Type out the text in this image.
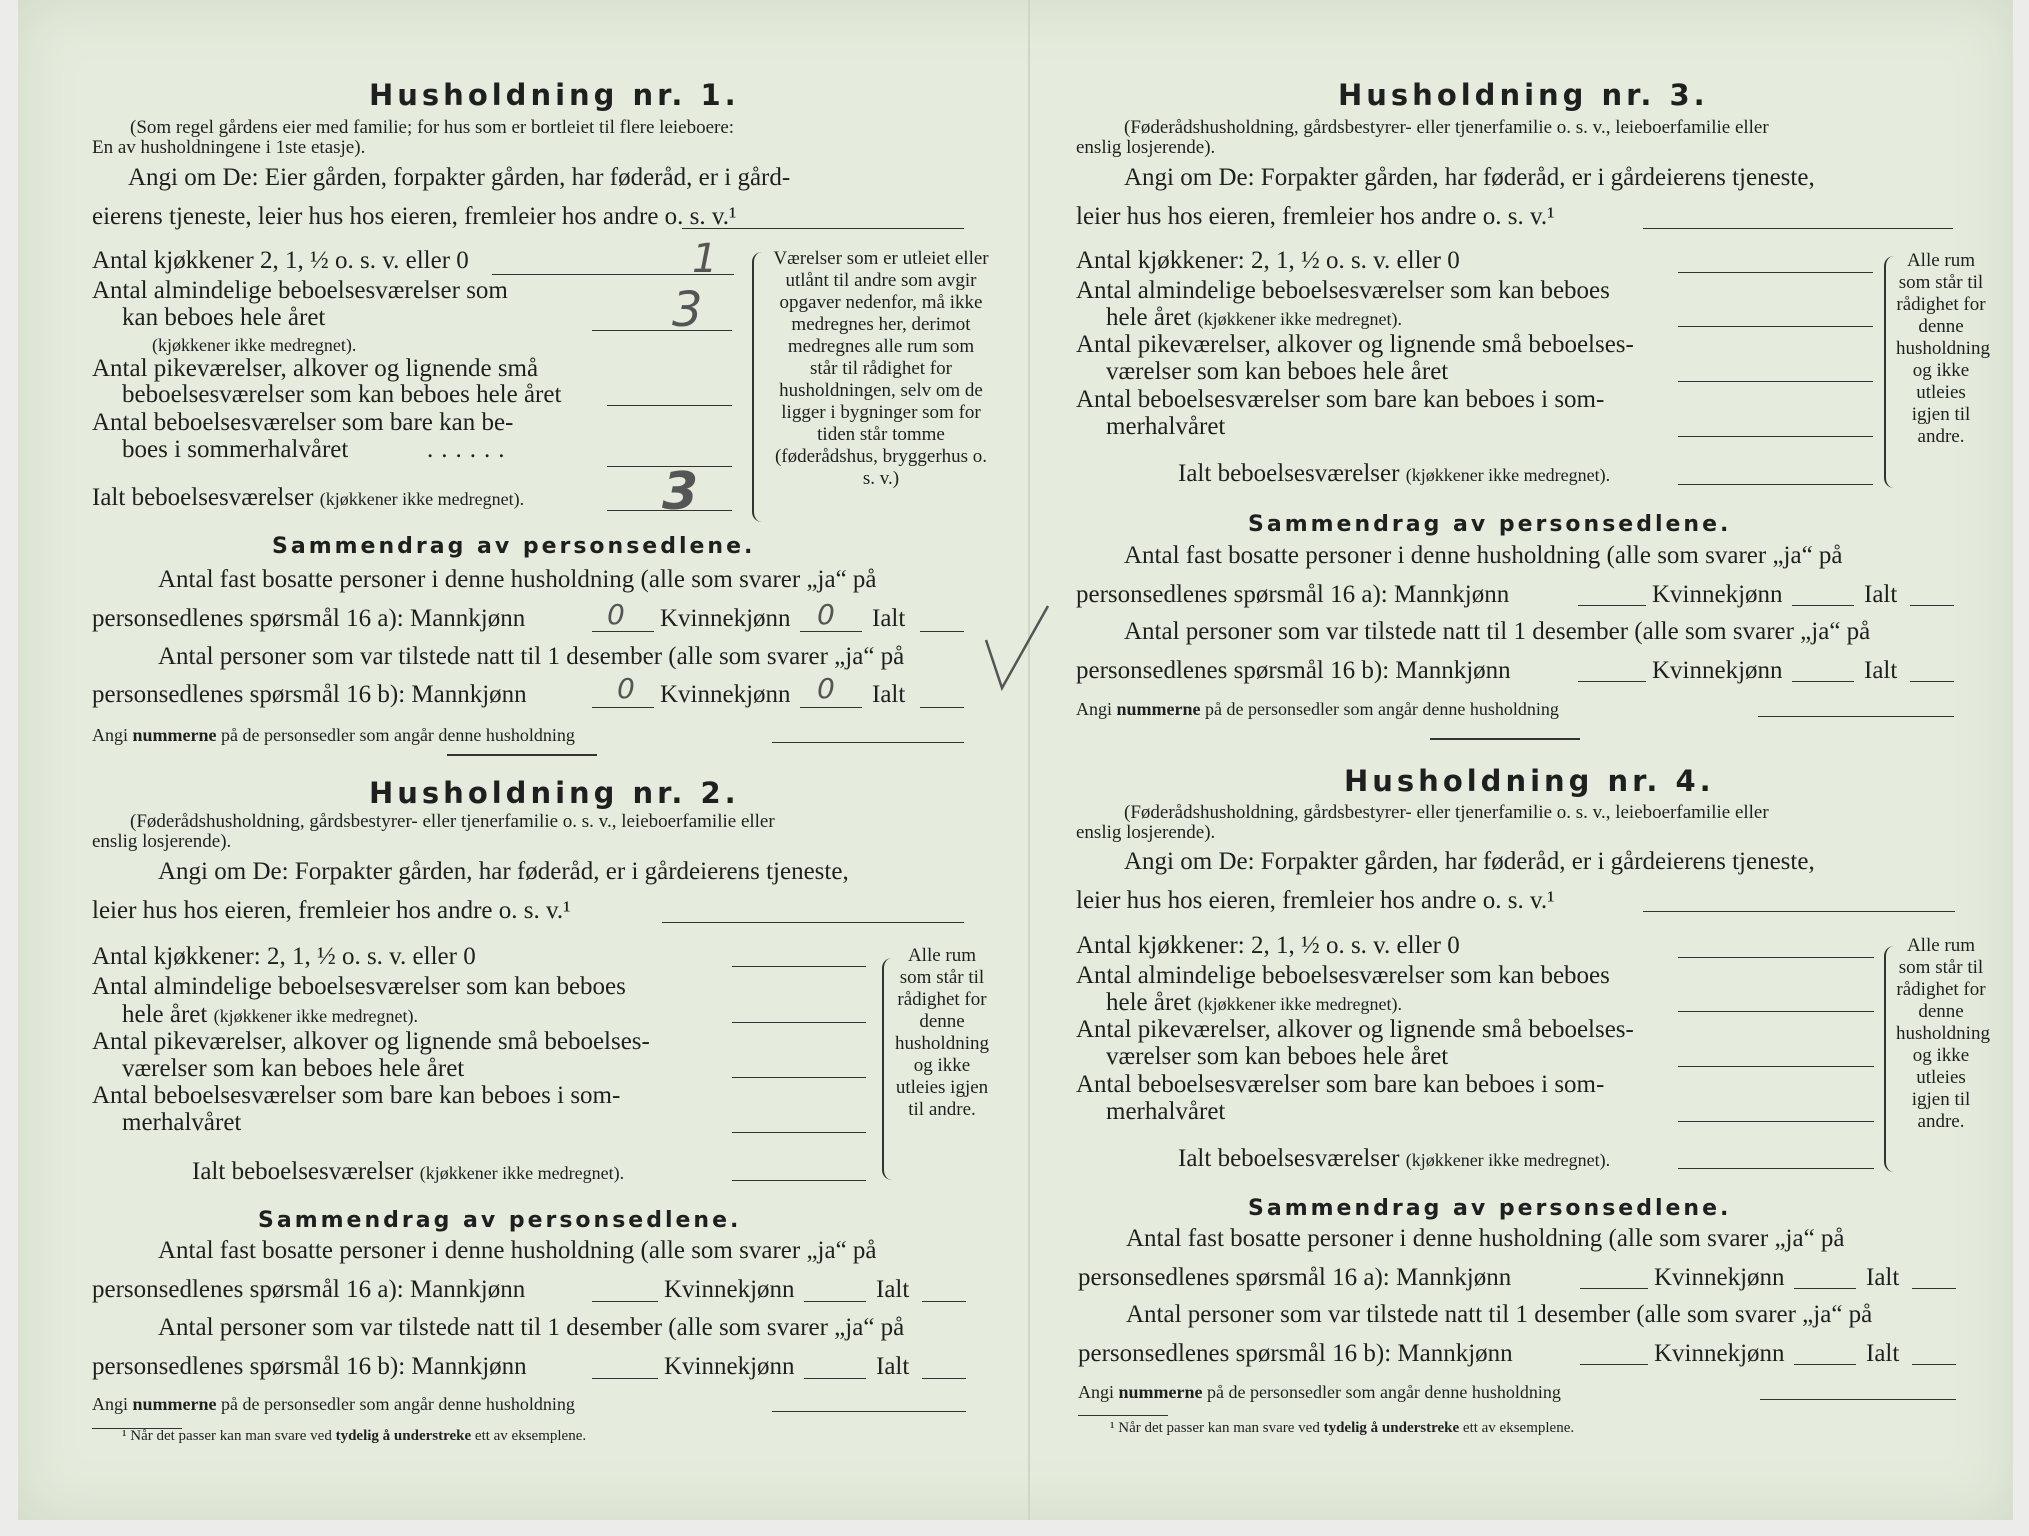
Husholdning nr. 1.
(Som regel gårdens eier med familie; for hus som er bortleiet til flere leieboere:
En av husholdningene i 1ste etasje).
Angi om De: Eier gården, forpakter gården, har føderåd, er i gård-
eierens tjeneste, leier hus hos eieren, fremleier hos andre o. s. v.¹
Antal kjøkkener 2, 1, ½ o. s. v. eller 0	1
Antal almindelige beboelsesværelser som
kan beboes hele året
(kjøkkener ikke medregnet).
3
Antal pikeværelser, alkover og lignende små
beboelsesværelser som kan beboes hele året
Antal beboelsesværelser som bare kan be-
boes i sommerhalvåret	......
Ialt beboelsesværelser (kjøkkener ikke medregnet).	3
Værelser som er utleiet eller utlånt til andre som avgir opgaver nedenfor, må ikke medregnes her, derimot medregnes alle rum som står til rådighet for husholdningen, selv om de ligger i bygninger som for tiden står tomme (føderådshus, bryggerhus o. s. v.)
Sammendrag av personsedlene.
Antal fast bosatte personer i denne husholdning (alle som svarer „ja“ på
personsedlenes spørsmål 16 a): Mannkjønn	0 Kvinnekjønn 0 Ialt
Antal personer som var tilstede natt til 1 desember (alle som svarer „ja“ på
personsedlenes spørsmål 16 b): Mannkjønn	0 Kvinnekjønn 0 Ialt
Angi nummerne på de personsedler som angår denne husholdning
Husholdning nr. 2.
(Føderådshusholdning, gårdsbestyrer- eller tjenerfamilie o. s. v., leieboerfamilie eller
enslig losjerende).
Angi om De: Forpakter gården, har føderåd, er i gårdeierens tjeneste,
leier hus hos eieren, fremleier hos andre o. s. v.¹
Antal kjøkkener: 2, 1, ½ o. s. v. eller 0
Antal almindelige beboelsesværelser som kan beboes
hele året (kjøkkener ikke medregnet).
Antal pikeværelser, alkover og lignende små beboelses-
værelser som kan beboes hele året
Antal beboelsesværelser som bare kan beboes i som-
merhalvåret
Ialt beboelsesværelser (kjøkkener ikke medregnet).
Alle rum som står til rådighet for denne husholdning og ikke utleies igjen til andre.
Sammendrag av personsedlene.
Antal fast bosatte personer i denne husholdning (alle som svarer „ja“ på
personsedlenes spørsmål 16 a): Mannkjønn	Kvinnekjønn	Ialt
Antal personer som var tilstede natt til 1 desember (alle som svarer „ja“ på
personsedlenes spørsmål 16 b): Mannkjønn	Kvinnekjønn	Ialt
Angi nummerne på de personsedler som angår denne husholdning
¹ Når det passer kan man svare ved tydelig å understreke ett av eksemplene.
Husholdning nr. 3.
(Føderådshusholdning, gårdsbestyrer- eller tjenerfamilie o. s. v., leieboerfamilie eller
enslig losjerende).
Angi om De: Forpakter gården, har føderåd, er i gårdeierens tjeneste,
leier hus hos eieren, fremleier hos andre o. s. v.¹
Antal kjøkkener: 2, 1, ½ o. s. v. eller 0
Antal almindelige beboelsesværelser som kan beboes
hele året (kjøkkener ikke medregnet).
Antal pikeværelser, alkover og lignende små beboelses-
værelser som kan beboes hele året
Antal beboelsesværelser som bare kan beboes i som-
merhalvåret
Ialt beboelsesværelser (kjøkkener ikke medregnet).
Alle rum som står til rådighet for denne husholdning og ikke utleies igjen til andre.
Sammendrag av personsedlene.
Antal fast bosatte personer i denne husholdning (alle som svarer „ja“ på
personsedlenes spørsmål 16 a): Mannkjønn	Kvinnekjønn	Ialt
Antal personer som var tilstede natt til 1 desember (alle som svarer „ja“ på
personsedlenes spørsmål 16 b): Mannkjønn	Kvinnekjønn	Ialt
Angi nummerne på de personsedler som angår denne husholdning
Husholdning nr. 4.
(Føderådshusholdning, gårdsbestyrer- eller tjenerfamilie o. s. v., leieboerfamilie eller
enslig losjerende).
Angi om De: Forpakter gården, har føderåd, er i gårdeierens tjeneste,
leier hus hos eieren, fremleier hos andre o. s. v.¹
Antal kjøkkener: 2, 1, ½ o. s. v. eller 0
Antal almindelige beboelsesværelser som kan beboes
hele året (kjøkkener ikke medregnet).
Antal pikeværelser, alkover og lignende små beboelses-
værelser som kan beboes hele året
Antal beboelsesværelser som bare kan beboes i som-
merhalvåret
Ialt beboelsesværelser (kjøkkener ikke medregnet).
Alle rum som står til rådighet for denne husholdning og ikke utleies igjen til andre.
Sammendrag av personsedlene.
Antal fast bosatte personer i denne husholdning (alle som svarer „ja“ på
personsedlenes spørsmål 16 a): Mannkjønn	Kvinnekjønn	Ialt
Antal personer som var tilstede natt til 1 desember (alle som svarer „ja“ på
personsedlenes spørsmål 16 b): Mannkjønn	Kvinnekjønn	Ialt
Angi nummerne på de personsedler som angår denne husholdning
¹ Når det passer kan man svare ved tydelig å understreke ett av eksemplene.
